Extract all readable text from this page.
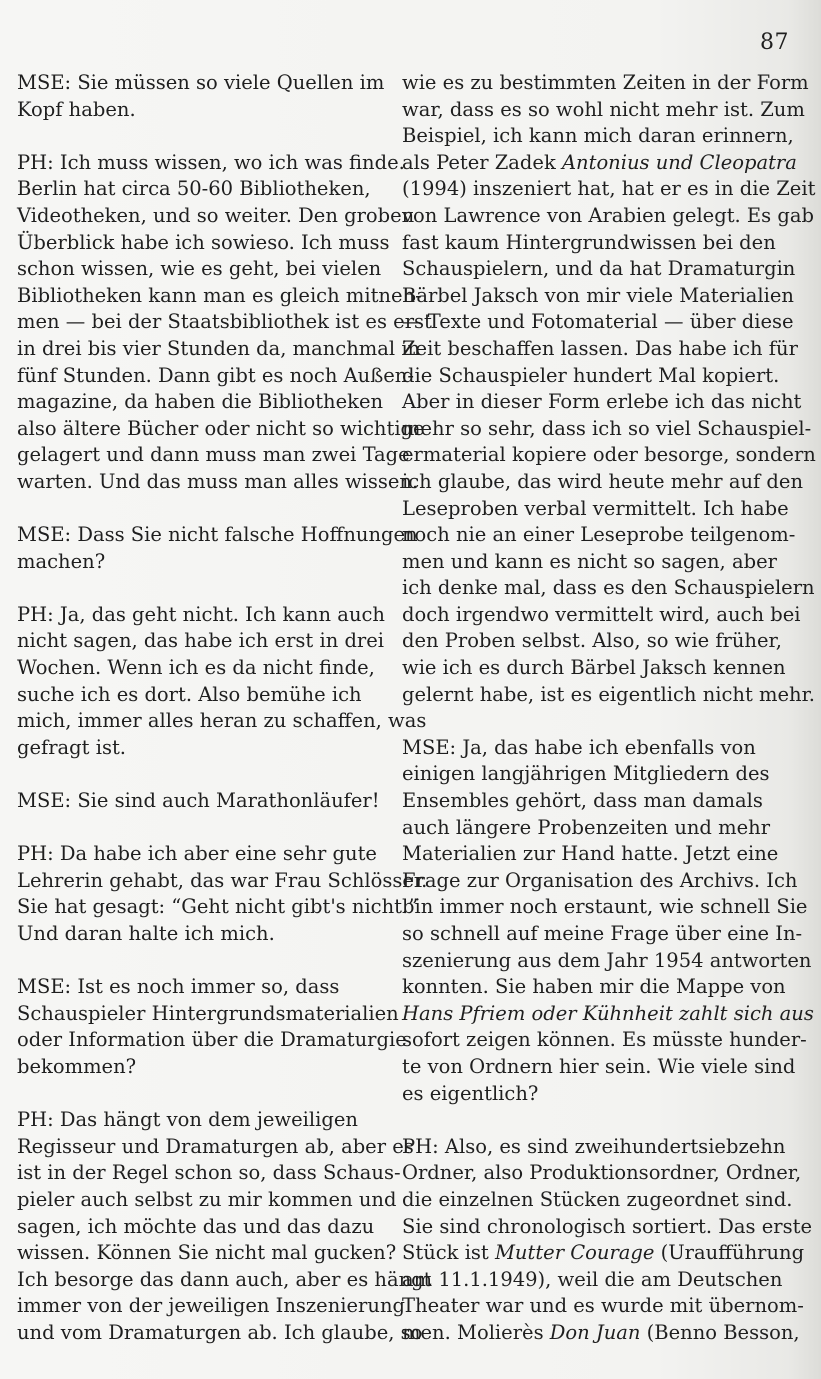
87
MSE: Sie müssen so viele Quellen im
Kopf haben.
PH: Ich muss wissen, wo ich was finde.
Berlin hat circa 50-60 Bibliotheken,
Videotheken, und so weiter. Den groben
Überblick habe ich sowieso. Ich muss
schon wissen, wie es geht, bei vielen
Bibliotheken kann man es gleich mitneh-
men — bei der Staatsbibliothek ist es erst
in drei bis vier Stunden da, manchmal in
fünf Stunden. Dann gibt es noch Außen-
magazine, da haben die Bibliotheken
also ältere Bücher oder nicht so wichtige
gelagert und dann muss man zwei Tage
warten. Und das muss man alles wissen.
MSE: Dass Sie nicht falsche Hoffnungen
machen?
PH: Ja, das geht nicht. Ich kann auch
nicht sagen, das habe ich erst in drei
Wochen. Wenn ich es da nicht finde,
suche ich es dort. Also bemühe ich
mich, immer alles heran zu schaffen, was
gefragt ist.
MSE: Sie sind auch Marathonläufer!
PH: Da habe ich aber eine sehr gute
Lehrerin gehabt, das war Frau Schlösser.
Sie hat gesagt: “Geht nicht gibt's nicht.”
Und daran halte ich mich.
MSE: Ist es noch immer so, dass
Schauspieler Hintergrundsmaterialien
oder Information über die Dramaturgie
bekommen?
PH: Das hängt von dem jeweiligen
Regisseur und Dramaturgen ab, aber es
ist in der Regel schon so, dass Schaus-
pieler auch selbst zu mir kommen und
sagen, ich möchte das und das dazu
wissen. Können Sie nicht mal gucken?
Ich besorge das dann auch, aber es hängt
immer von der jeweiligen Inszenierung
und vom Dramaturgen ab. Ich glaube, so
wie es zu bestimmten Zeiten in der Form
war, dass es so wohl nicht mehr ist. Zum
Beispiel, ich kann mich daran erinnern,
als Peter Zadek Antonius und Cleopatra
(1994) inszeniert hat, hat er es in die Zeit
von Lawrence von Arabien gelegt. Es gab
fast kaum Hintergrundwissen bei den
Schauspielern, und da hat Dramaturgin
Bärbel Jaksch von mir viele Materialien
— Texte und Fotomaterial — über diese
Zeit beschaffen lassen. Das habe ich für
die Schauspieler hundert Mal kopiert.
Aber in dieser Form erlebe ich das nicht
mehr so sehr, dass ich so viel Schauspiel-
ermaterial kopiere oder besorge, sondern
ich glaube, das wird heute mehr auf den
Leseproben verbal vermittelt. Ich habe
noch nie an einer Leseprobe teilgenom-
men und kann es nicht so sagen, aber
ich denke mal, dass es den Schauspielern
doch irgendwo vermittelt wird, auch bei
den Proben selbst. Also, so wie früher,
wie ich es durch Bärbel Jaksch kennen
gelernt habe, ist es eigentlich nicht mehr.
MSE: Ja, das habe ich ebenfalls von
einigen langjährigen Mitgliedern des
Ensembles gehört, dass man damals
auch längere Probenzeiten und mehr
Materialien zur Hand hatte. Jetzt eine
Frage zur Organisation des Archivs. Ich
bin immer noch erstaunt, wie schnell Sie
so schnell auf meine Frage über eine In-
szenierung aus dem Jahr 1954 antworten
konnten. Sie haben mir die Mappe von
Hans Pfriem oder Kühnheit zahlt sich aus
sofort zeigen können. Es müsste hunder-
te von Ordnern hier sein. Wie viele sind
es eigentlich?
PH: Also, es sind zweihundertsiebzehn
Ordner, also Produktionsordner, Ordner,
die einzelnen Stücken zugeordnet sind.
Sie sind chronologisch sortiert. Das erste
Stück ist Mutter Courage (Uraufführung
am 11.1.1949), weil die am Deutschen
Theater war und es wurde mit übernom-
men. Molierès Don Juan (Benno Besson,
